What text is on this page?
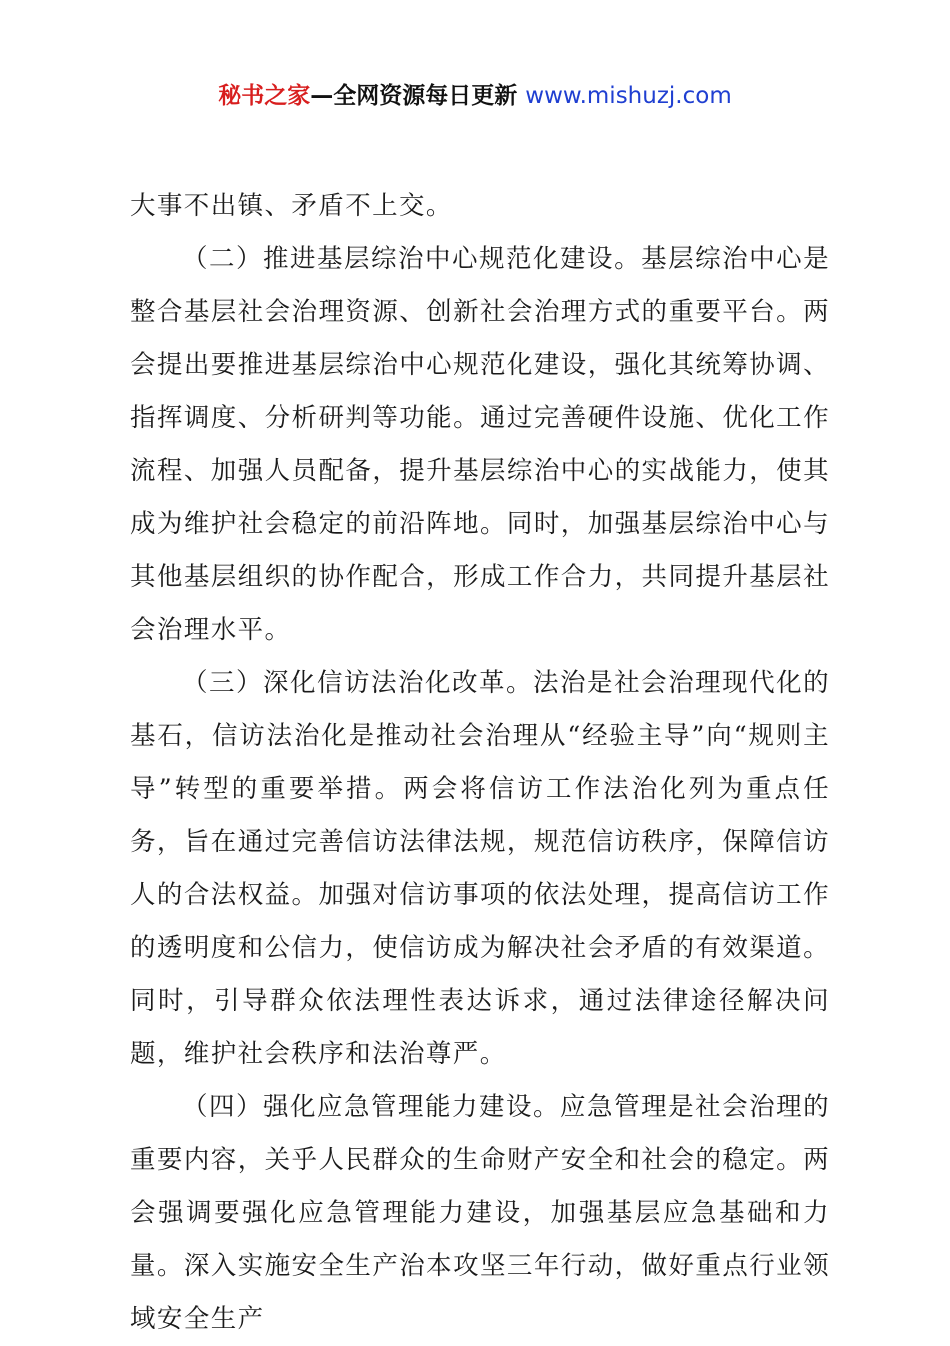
秘书之家—全网资源每日更新 www.mishuzj.com

大事不出镇、矛盾不上交。

（二）推进基层综治中心规范化建设。基层综治中心是整合基层社会治理资源、创新社会治理方式的重要平台。两会提出要推进基层综治中心规范化建设，强化其统筹协调、指挥调度、分析研判等功能。通过完善硬件设施、优化工作流程、加强人员配备，提升基层综治中心的实战能力，使其成为维护社会稳定的前沿阵地。同时，加强基层综治中心与其他基层组织的协作配合，形成工作合力，共同提升基层社会治理水平。

（三）深化信访法治化改革。法治是社会治理现代化的基石，信访法治化是推动社会治理从“经验主导”向“规则主导”转型的重要举措。两会将信访工作法治化列为重点任务，旨在通过完善信访法律法规，规范信访秩序，保障信访人的合法权益。加强对信访事项的依法处理，提高信访工作的透明度和公信力，使信访成为解决社会矛盾的有效渠道。同时，引导群众依法理性表达诉求，通过法律途径解决问题，维护社会秩序和法治尊严。

（四）强化应急管理能力建设。应急管理是社会治理的重要内容，关乎人民群众的生命财产安全和社会的稳定。两会强调要强化应急管理能力建设，加强基层应急基础和力量。深入实施安全生产治本攻坚三年行动，做好重点行业领域安全生产
